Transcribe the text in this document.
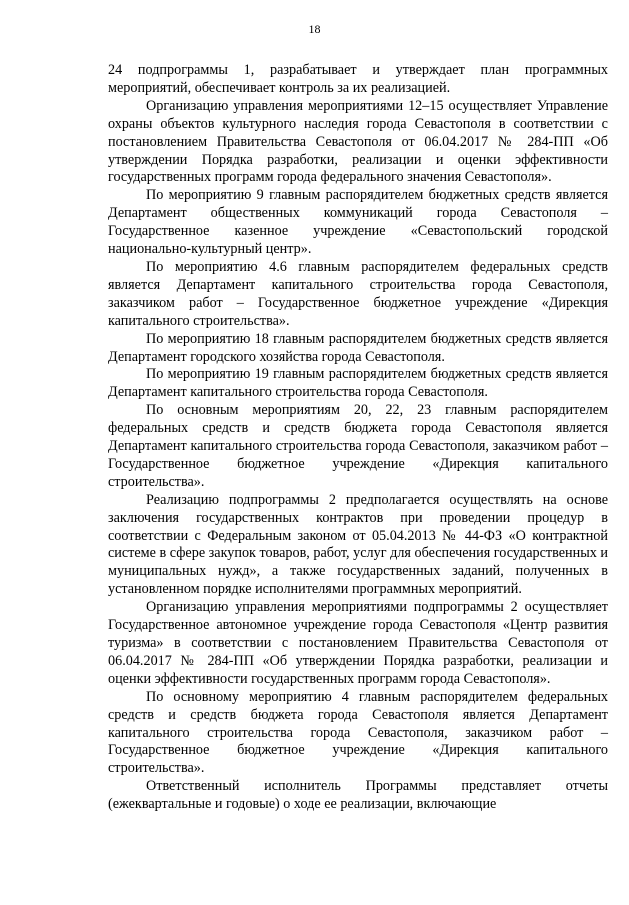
18

24 подпрограммы 1, разрабатывает и утверждает план программных мероприятий, обеспечивает контроль за их реализацией.

Организацию управления мероприятиями 12–15 осуществляет Управление охраны объектов культурного наследия города Севастополя в соответствии с постановлением Правительства Севастополя от 06.04.2017 № 284-ПП «Об утверждении Порядка разработки, реализации и оценки эффективности государственных программ города федерального значения Севастополя».

По мероприятию 9 главным распорядителем бюджетных средств является Департамент общественных коммуникаций города Севастополя – Государственное казенное учреждение «Севастопольский городской национально-культурный центр».

По мероприятию 4.6 главным распорядителем федеральных средств является Департамент капитального строительства города Севастополя, заказчиком работ – Государственное бюджетное учреждение «Дирекция капитального строительства».

По мероприятию 18 главным распорядителем бюджетных средств является Департамент городского хозяйства города Севастополя.

По мероприятию 19 главным распорядителем бюджетных средств является Департамент капитального строительства города Севастополя.

По основным мероприятиям 20, 22, 23 главным распорядителем федеральных средств и средств бюджета города Севастополя является Департамент капитального строительства города Севастополя, заказчиком работ – Государственное бюджетное учреждение «Дирекция капитального строительства».

Реализацию подпрограммы 2 предполагается осуществлять на основе заключения государственных контрактов при проведении процедур в соответствии с Федеральным законом от 05.04.2013 № 44-ФЗ «О контрактной системе в сфере закупок товаров, работ, услуг для обеспечения государственных и муниципальных нужд», а также государственных заданий, полученных в установленном порядке исполнителями программных мероприятий.

Организацию управления мероприятиями подпрограммы 2 осуществляет Государственное автономное учреждение города Севастополя «Центр развития туризма» в соответствии с постановлением Правительства Севастополя от 06.04.2017 № 284-ПП «Об утверждении Порядка разработки, реализации и оценки эффективности государственных программ города Севастополя».

По основному мероприятию 4 главным распорядителем федеральных средств и средств бюджета города Севастополя является Департамент капитального строительства города Севастополя, заказчиком работ – Государственное бюджетное учреждение «Дирекция капитального строительства».

Ответственный исполнитель Программы представляет отчеты (ежеквартальные и годовые) о ходе ее реализации, включающие
